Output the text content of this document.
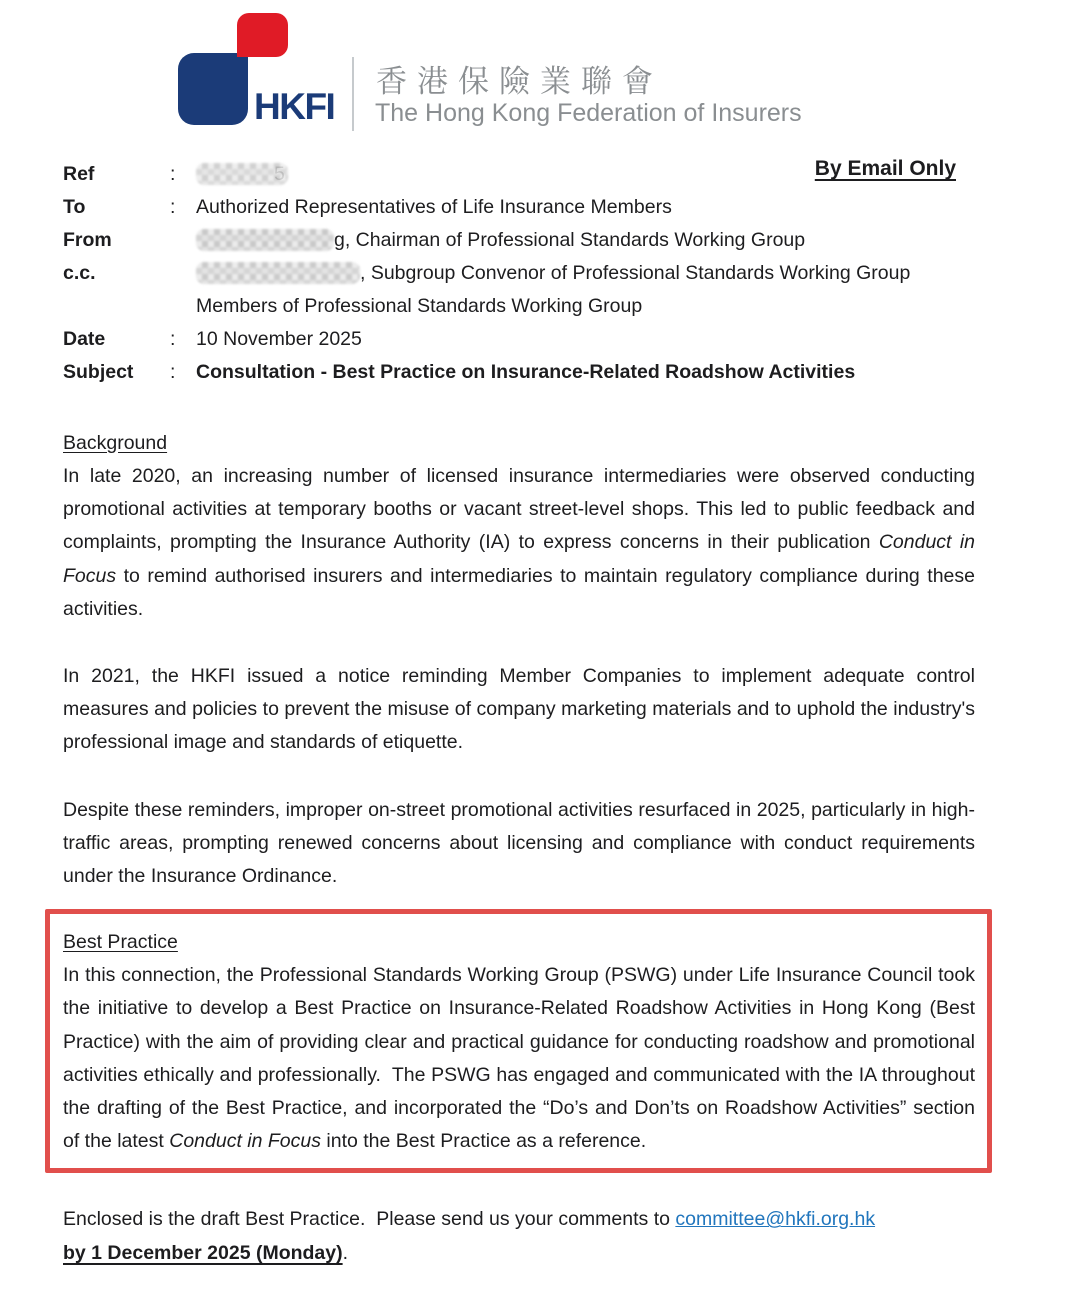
HKFI
香港保險業聯會
The Hong Kong Federation of Insurers
By Email Only
Ref	:
To	:	Authorized Representatives of Life Insurance Members
From	g, Chairman of Professional Standards Working Group
c.c.	, Subgroup Convenor of Professional Standards Working Group
Members of Professional Standards Working Group
Date	:	10 November 2025
Subject	:	Consultation - Best Practice on Insurance-Related Roadshow Activities
Background

In late 2020, an increasing number of licensed insurance intermediaries were observed conducting promotional activities at temporary booths or vacant street-level shops. This led to public feedback and complaints, prompting the Insurance Authority (IA) to express concerns in their publication Conduct in Focus to remind authorised insurers and intermediaries to maintain regulatory compliance during these activities.

In 2021, the HKFI issued a notice reminding Member Companies to implement adequate control measures and policies to prevent the misuse of company marketing materials and to uphold the industry's professional image and standards of etiquette.

Despite these reminders, improper on-street promotional activities resurfaced in 2025, particularly in high-traffic areas, prompting renewed concerns about licensing and compliance with conduct requirements under the Insurance Ordinance.

Best Practice

In this connection, the Professional Standards Working Group (PSWG) under Life Insurance Council took the initiative to develop a Best Practice on Insurance-Related Roadshow Activities in Hong Kong (Best Practice) with the aim of providing clear and practical guidance for conducting roadshow and promotional activities ethically and professionally.  The PSWG has engaged and communicated with the IA throughout the drafting of the Best Practice, and incorporated the “Do’s and Don’ts on Roadshow Activities” section of the latest Conduct in Focus into the Best Practice as a reference.

Enclosed is the draft Best Practice.  Please send us your comments to committee@hkfi.org.hk
by 1 December 2025 (Monday).
